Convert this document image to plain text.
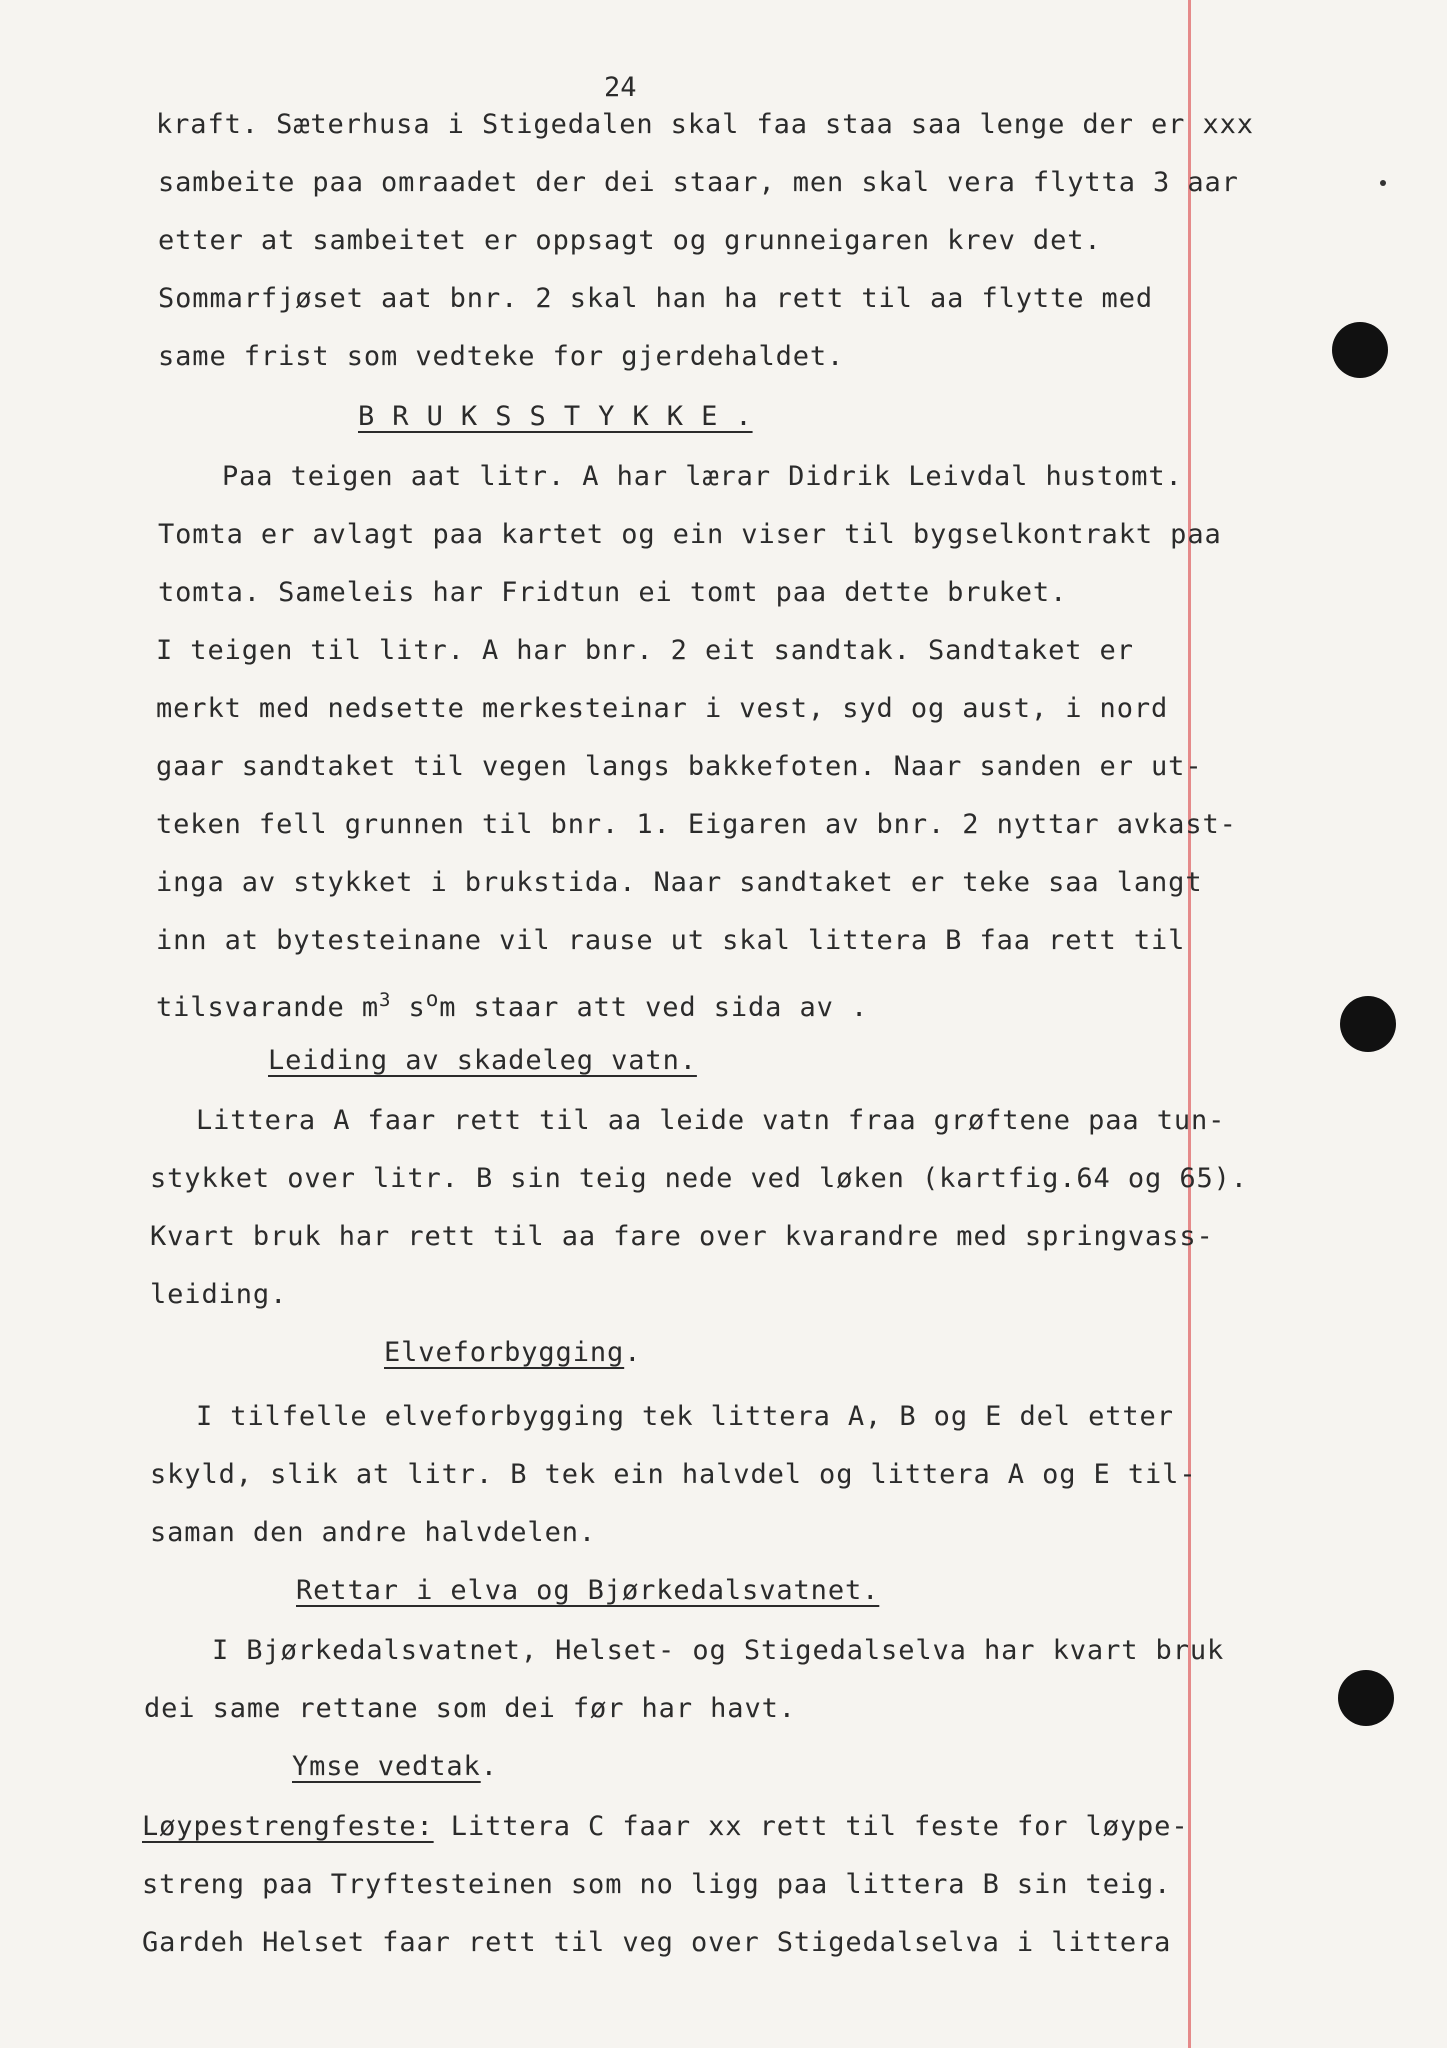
24
kraft. Sæterhusa i Stigedalen skal faa staa saa lenge der er xxx
sambeite paa omraadet der dei staar, men skal vera flytta 3 aar
etter at sambeitet er oppsagt og grunneigaren krev det.
Sommarfjøset aat bnr. 2 skal han ha rett til aa flytte med
same frist som vedteke for gjerdehaldet.
B R U K S S T Y K K E .
Paa teigen aat litr. A har lærar Didrik Leivdal hustomt.
Tomta er avlagt paa kartet og ein viser til bygselkontrakt paa
tomta. Sameleis har Fridtun ei tomt paa dette bruket.
I teigen til litr. A har bnr. 2 eit sandtak. Sandtaket er
merkt med nedsette merkesteinar i vest, syd og aust, i nord
gaar sandtaket til vegen langs bakkefoten. Naar sanden er ut-
teken fell grunnen til bnr. 1. Eigaren av bnr. 2 nyttar avkast-
inga av stykket i brukstida. Naar sandtaket er teke saa langt
inn at bytesteinane vil rause ut skal littera B faa rett til
tilsvarande $m^3$ $s^om$ staar att ved sida av .
Leiding av skadeleg vatn.
Littera A faar rett til aa leide vatn fraa grøftene paa tun-
stykket over litr. B sin teig nede ved løken (kartfig.64 og 65).
Kvart bruk har rett til aa fare over kvarandre med springvass-
leiding.
Elveforbygging.
I tilfelle elveforbygging tek littera A, B og E del etter
skyld, slik at litr. B tek ein halvdel og littera A og E til-
saman den andre halvdelen.
Rettar i elva og Bjørkedalsvatnet.
I Bjørkedalsvatnet, Helset- og Stigedalselva har kvart bruk
dei same rettane som dei før har havt.
Ymse vedtak.
Løypestrengfeste: Littera C faar xx rett til feste for løype-
streng paa Tryftesteinen som no ligg paa littera B sin teig.
Gardeh Helset faar rett til veg over Stigedalselva i littera
